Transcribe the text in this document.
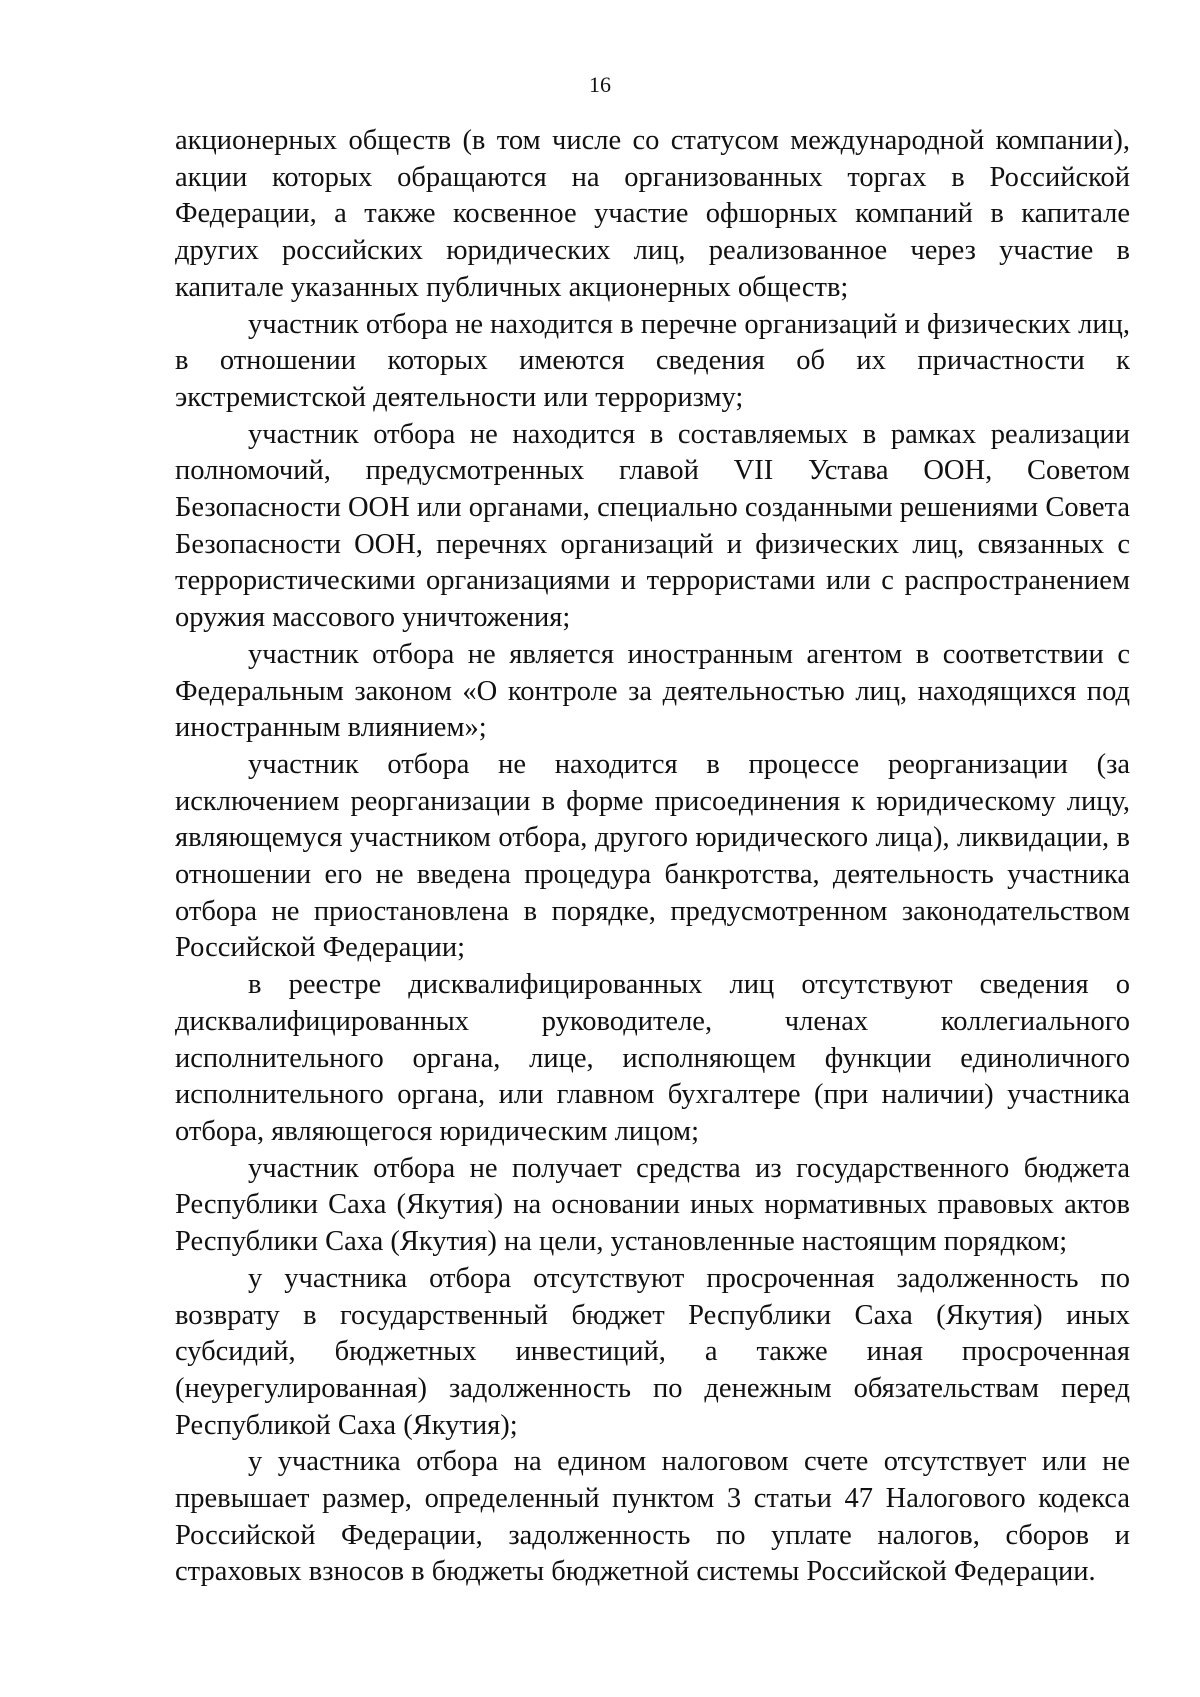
16

акционерных обществ (в том числе со статусом международной компании), акции которых обращаются на организованных торгах в Российской Федерации, а также косвенное участие офшорных компаний в капитале других российских юридических лиц, реализованное через участие в капитале указанных публичных акционерных обществ;

участник отбора не находится в перечне организаций и физических лиц, в отношении которых имеются сведения об их причастности к экстремистской деятельности или терроризму;

участник отбора не находится в составляемых в рамках реализации полномочий, предусмотренных главой VII Устава ООН, Советом Безопасности ООН или органами, специально созданными решениями Совета Безопасности ООН, перечнях организаций и физических лиц, связанных с террористическими организациями и террористами или с распространением оружия массового уничтожения;

участник отбора не является иностранным агентом в соответствии с Федеральным законом «О контроле за деятельностью лиц, находящихся под иностранным влиянием»;

участник отбора не находится в процессе реорганизации (за исключением реорганизации в форме присоединения к юридическому лицу, являющемуся участником отбора, другого юридического лица), ликвидации, в отношении его не введена процедура банкротства, деятельность участника отбора не приостановлена в порядке, предусмотренном законодательством Российской Федерации;

в реестре дисквалифицированных лиц отсутствуют сведения о дисквалифицированных руководителе, членах коллегиального исполнительного органа, лице, исполняющем функции единоличного исполнительного органа, или главном бухгалтере (при наличии) участника отбора, являющегося юридическим лицом;

участник отбора не получает средства из государственного бюджета Республики Саха (Якутия) на основании иных нормативных правовых актов Республики Саха (Якутия) на цели, установленные настоящим порядком;

у участника отбора отсутствуют просроченная задолженность по возврату в государственный бюджет Республики Саха (Якутия) иных субсидий, бюджетных инвестиций, а также иная просроченная (неурегулированная) задолженность по денежным обязательствам перед Республикой Саха (Якутия);

у участника отбора на едином налоговом счете отсутствует или не превышает размер, определенный пунктом 3 статьи 47 Налогового кодекса Российской Федерации, задолженность по уплате налогов, сборов и страховых взносов в бюджеты бюджетной системы Российской Федерации.
